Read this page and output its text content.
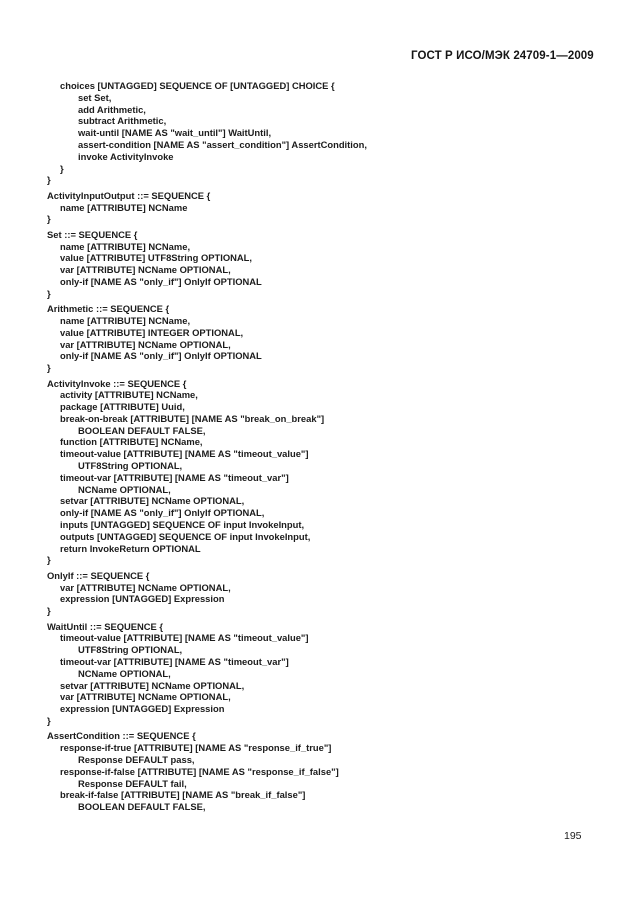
ГОСТ Р ИСО/МЭК 24709-1—2009
choices [UNTAGGED] SEQUENCE OF [UNTAGGED] CHOICE {
set Set,
add Arithmetic,
subtract Arithmetic,
wait-until [NAME AS "wait_until"] WaitUntil,
assert-condition [NAME AS "assert_condition"] AssertCondition,
invoke ActivityInvoke
}
}
ActivityInputOutput ::= SEQUENCE {
name [ATTRIBUTE] NCName
}
Set ::= SEQUENCE {
name [ATTRIBUTE] NCName,
value [ATTRIBUTE] UTF8String OPTIONAL,
var [ATTRIBUTE] NCName OPTIONAL,
only-if [NAME AS "only_if"] OnlyIf OPTIONAL
}
Arithmetic ::= SEQUENCE {
name [ATTRIBUTE] NCName,
value [ATTRIBUTE] INTEGER OPTIONAL,
var [ATTRIBUTE] NCName OPTIONAL,
only-if [NAME AS "only_if"] OnlyIf OPTIONAL
}
ActivityInvoke ::= SEQUENCE {
activity [ATTRIBUTE] NCName,
package [ATTRIBUTE] Uuid,
break-on-break [ATTRIBUTE] [NAME AS "break_on_break"]
BOOLEAN DEFAULT FALSE,
function [ATTRIBUTE] NCName,
timeout-value [ATTRIBUTE] [NAME AS "timeout_value"]
UTF8String OPTIONAL,
timeout-var [ATTRIBUTE] [NAME AS "timeout_var"]
NCName OPTIONAL,
setvar [ATTRIBUTE] NCName OPTIONAL,
only-if [NAME AS "only_if"] OnlyIf OPTIONAL,
inputs [UNTAGGED] SEQUENCE OF input InvokeInput,
outputs [UNTAGGED] SEQUENCE OF input InvokeInput,
return InvokeReturn OPTIONAL
}
OnlyIf ::= SEQUENCE {
var [ATTRIBUTE] NCName OPTIONAL,
expression [UNTAGGED] Expression
}
WaitUntil ::= SEQUENCE {
timeout-value [ATTRIBUTE] [NAME AS "timeout_value"]
UTF8String OPTIONAL,
timeout-var [ATTRIBUTE] [NAME AS "timeout_var"]
NCName OPTIONAL,
setvar [ATTRIBUTE] NCName OPTIONAL,
var [ATTRIBUTE] NCName OPTIONAL,
expression [UNTAGGED] Expression
}
AssertCondition ::= SEQUENCE {
response-if-true [ATTRIBUTE] [NAME AS "response_if_true"]
Response DEFAULT pass,
response-if-false [ATTRIBUTE] [NAME AS "response_if_false"]
Response DEFAULT fail,
break-if-false [ATTRIBUTE] [NAME AS "break_if_false"]
BOOLEAN DEFAULT FALSE,
195
